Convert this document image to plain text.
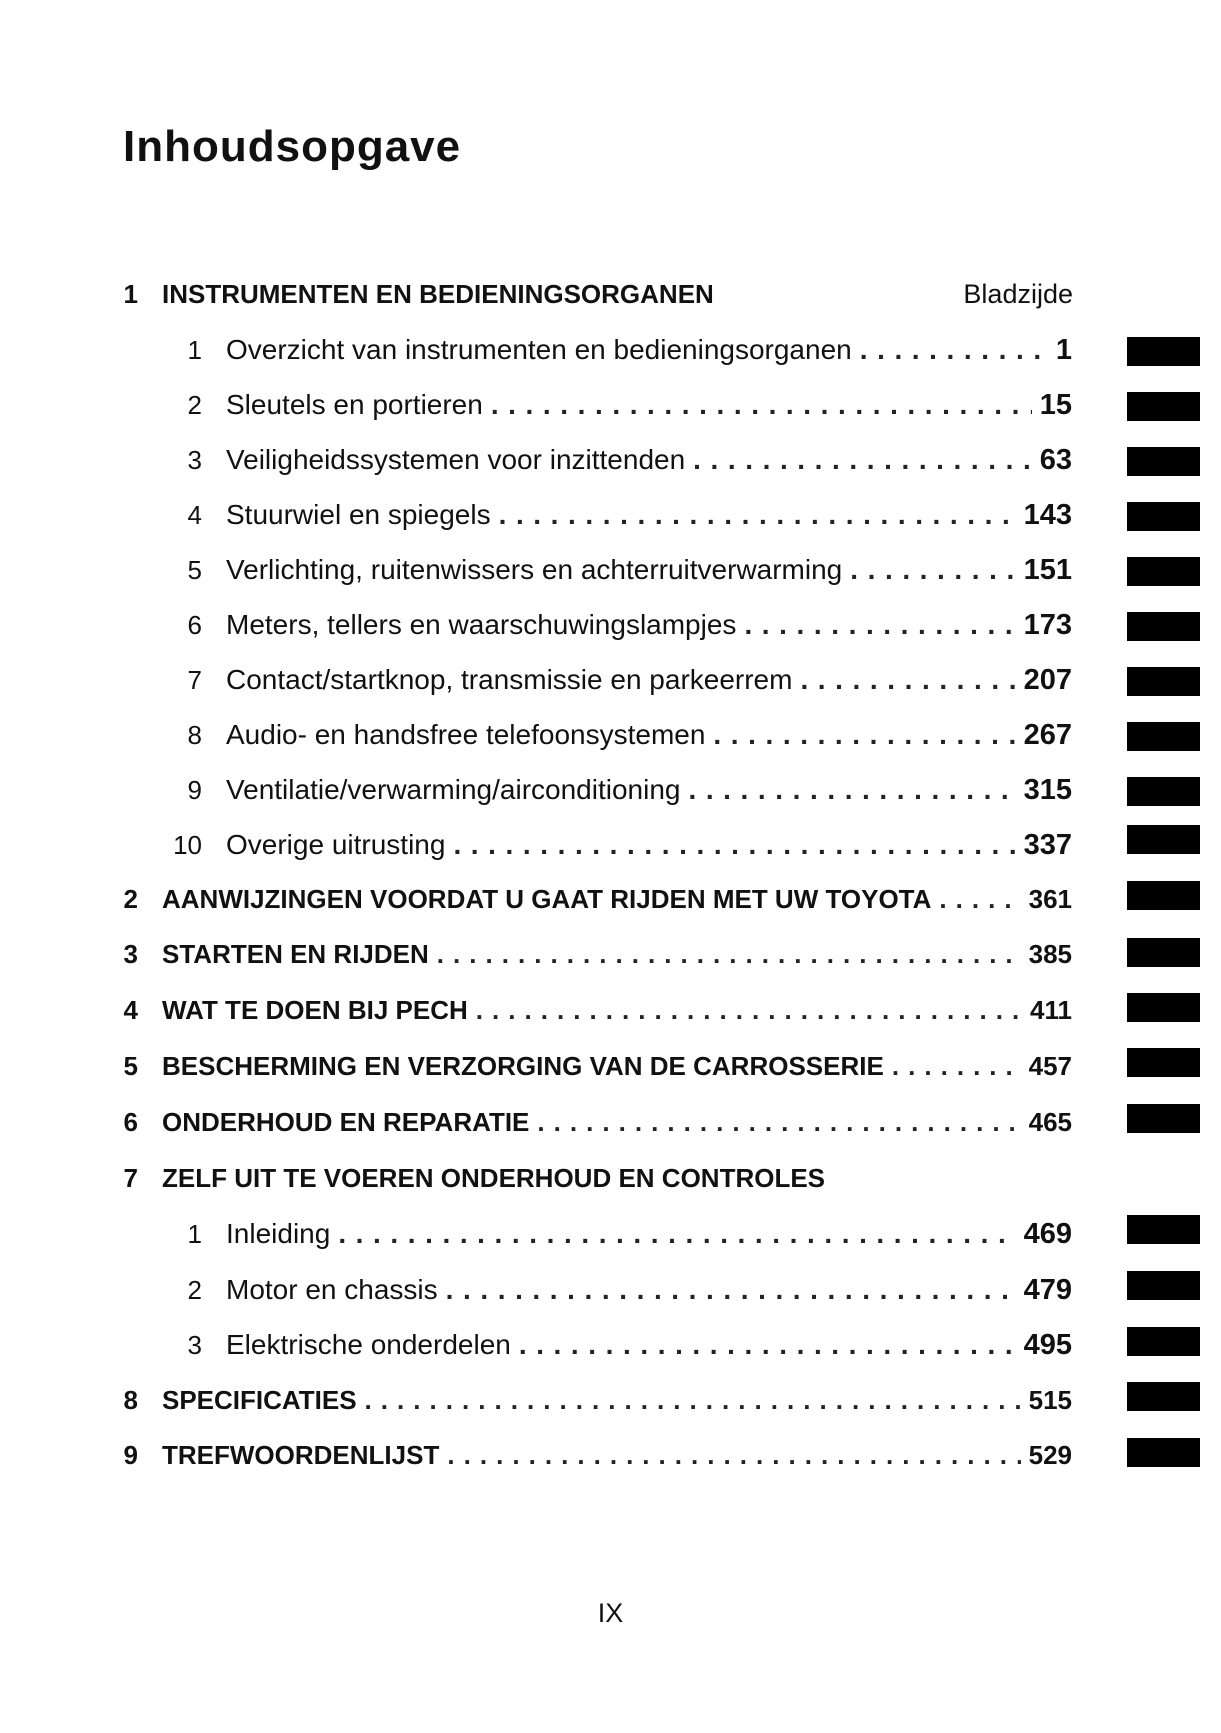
Inhoudsopgave
1 INSTRUMENTEN EN BEDIENINGSORGANEN	Bladzijde
1 Overzicht van instrumenten en bedieningsorganen . . .	1
2 Sleutels en portieren . . .	15
3 Veiligheidssystemen voor inzittenden . . .	63
4 Stuurwiel en spiegels . . .	143
5 Verlichting, ruitenwissers en achterruitverwarming . . .	151
6 Meters, tellers en waarschuwingslampjes . . .	173
7 Contact/startknop, transmissie en parkeerrem . . .	207
8 Audio- en handsfree telefoonsystemen . . .	267
9 Ventilatie/verwarming/airconditioning . . .	315
10 Overige uitrusting . . .	337
2 AANWIJZINGEN VOORDAT U GAAT RIJDEN MET UW TOYOTA . . .	361
3 STARTEN EN RIJDEN . . .	385
4 WAT TE DOEN BIJ PECH . . .	411
5 BESCHERMING EN VERZORGING VAN DE CARROSSERIE . . .	457
6 ONDERHOUD EN REPARATIE . . .	465
7 ZELF UIT TE VOEREN ONDERHOUD EN CONTROLES
1 Inleiding . . .	469
2 Motor en chassis . . .	479
3 Elektrische onderdelen . . .	495
8 SPECIFICATIES . . .	515
9 TREFWOORDENLIJST . . .	529
IX
